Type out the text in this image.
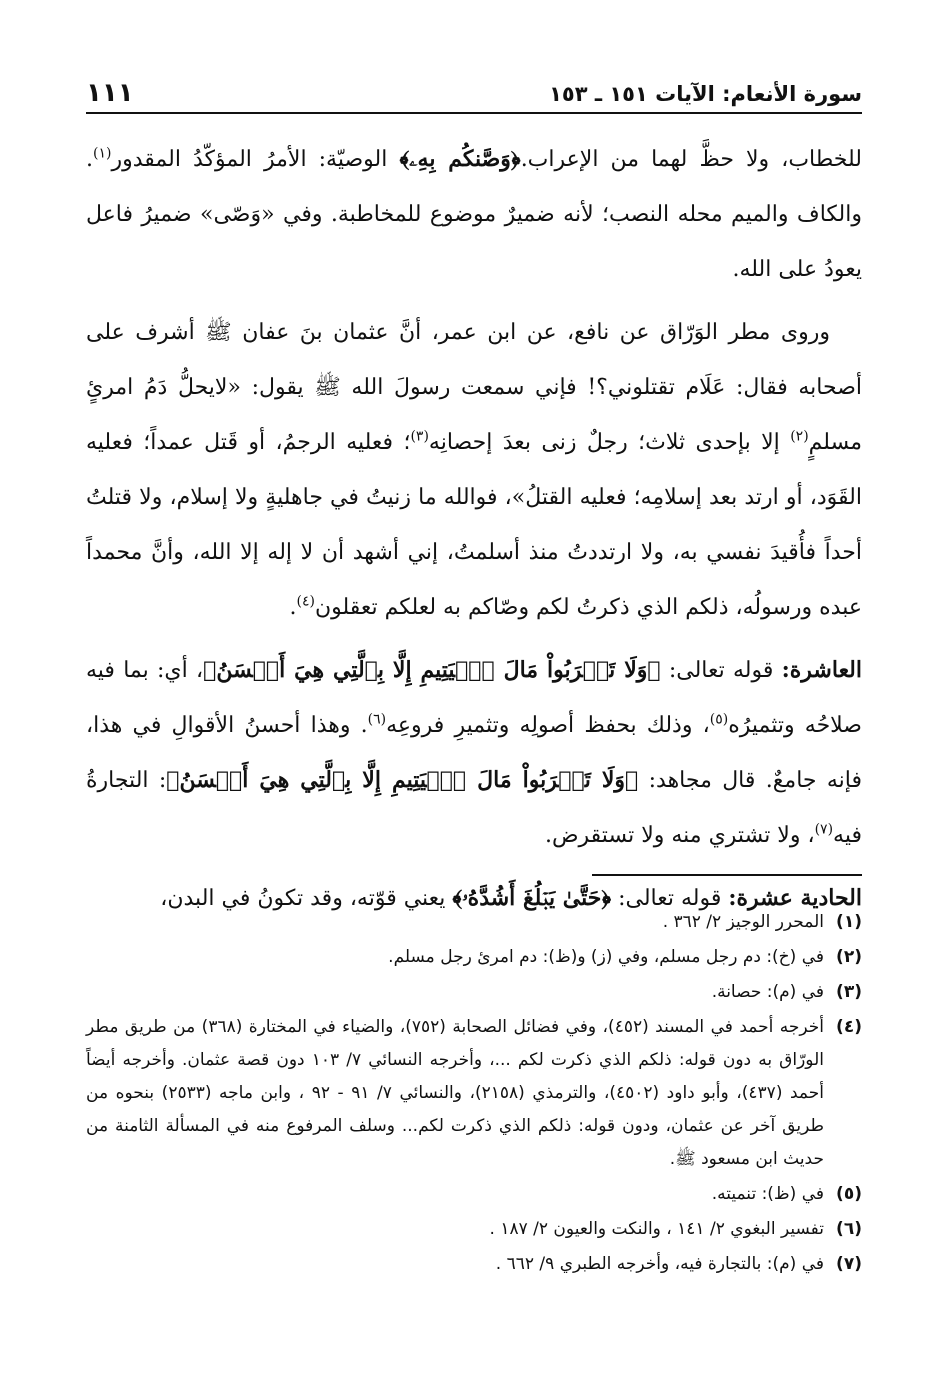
سورة الأنعام: الآيات ١٥١ ـ ١٥٣
١١١

للخطاب، ولا حظَّ لهما من الإعراب.﴿وَصَّنكُم بِهِۦ﴾ الوصيّة: الأمرُ المؤكّدُ المقدور$^{(١)}$. والكاف والميم محله النصب؛ لأنه ضميرٌ موضوع للمخاطبة. وفي «وَصّى» ضميرُ فاعل يعودُ على الله.

وروى مطر الوَرّاق عن نافع، عن ابن عمر، أنَّ عثمان بنَ عفان ﷺ أشرف على أصحابه فقال: عَلَام تقتلوني؟! فإني سمعت رسولَ الله ﷺ يقول: «لايحلُّ دَمُ امرئٍ مسلمٍ$^{(٢)}$ إلا بإحدى ثلاث؛ رجلٌ زنى بعدَ إحصانِه$^{(٣)}$؛ فعليه الرجمُ، أو قَتل عمداً؛ فعليه القَوَد، أو ارتد بعد إسلامِه؛ فعليه القتلُ»، فوالله ما زنيتُ في جاهليةٍ ولا إسلام، ولا قتلتُ أحداً فأُقيدَ نفسي به، ولا ارتددتُ منذ أسلمتُ، إني أشهد أن لا إله إلا الله، وأنَّ محمداً عبده ورسولُه، ذلكم الذي ذكرتُ لكم وصّاكم به لعلكم تعقلون$^{(٤)}$.

العاشرة: قوله تعالى: ﴿وَلَا تَقۡرَبُواْ مَالَ ٱلۡيَتِيمِ إِلَّا بِٱلَّتِي هِيَ أَحۡسَنُ﴾، أي: بما فيه صلاحُه وتثميرُه$^{(٥)}$، وذلك بحفظ أصولِه وتثميرِ فروعِه$^{(٦)}$. وهذا أحسنُ الأقوالِ في هذا، فإنه جامعٌ. قال مجاهد: ﴿وَلَا تَقۡرَبُواْ مَالَ ٱلۡيَتِيمِ إِلَّا بِٱلَّتِي هِيَ أَحۡسَنُ﴾: التجارةُ فيه$^{(٧)}$، ولا تشتري منه ولا تستقرض.

الحادية عشرة: قوله تعالى: ﴿حَتَّىٰ يَبۡلُغَ أَشُدَّهُۥ﴾ يعني قوّته، وقد تكونُ في البدن،

(١)
المحرر الوجيز ٢/ ٣٦٢ .
(٢)
في (خ): دم رجل مسلم، وفي (ز) و(ظ): دم امرئ رجل مسلم.
(٣)
في (م): حصانة.
(٤)
أخرجه أحمد في المسند (٤٥٢)، وفي فضائل الصحابة (٧٥٢)، والضياء في المختارة (٣٦٨) من طريق مطر الورّاق به دون قوله: ذلكم الذي ذكرت لكم ...، وأخرجه النسائي ٧/ ١٠٣ دون قصة عثمان. وأخرجه أيضاً أحمد (٤٣٧)، وأبو داود (٤٥٠٢)، والترمذي (٢١٥٨)، والنسائي ٧/ ٩١ - ٩٢ ، وابن ماجه (٢٥٣٣) بنحوه من طريق آخر عن عثمان، ودون قوله: ذلكم الذي ذكرت لكم... وسلف المرفوع منه في المسألة الثامنة من حديث ابن مسعود ﷺ.
(٥)
في (ظ): تنميته.
(٦)
تفسير البغوي ٢/ ١٤١ ، والنكت والعيون ٢/ ١٨٧ .
(٧)
في (م): بالتجارة فيه، وأخرجه الطبري ٩/ ٦٦٢ .
